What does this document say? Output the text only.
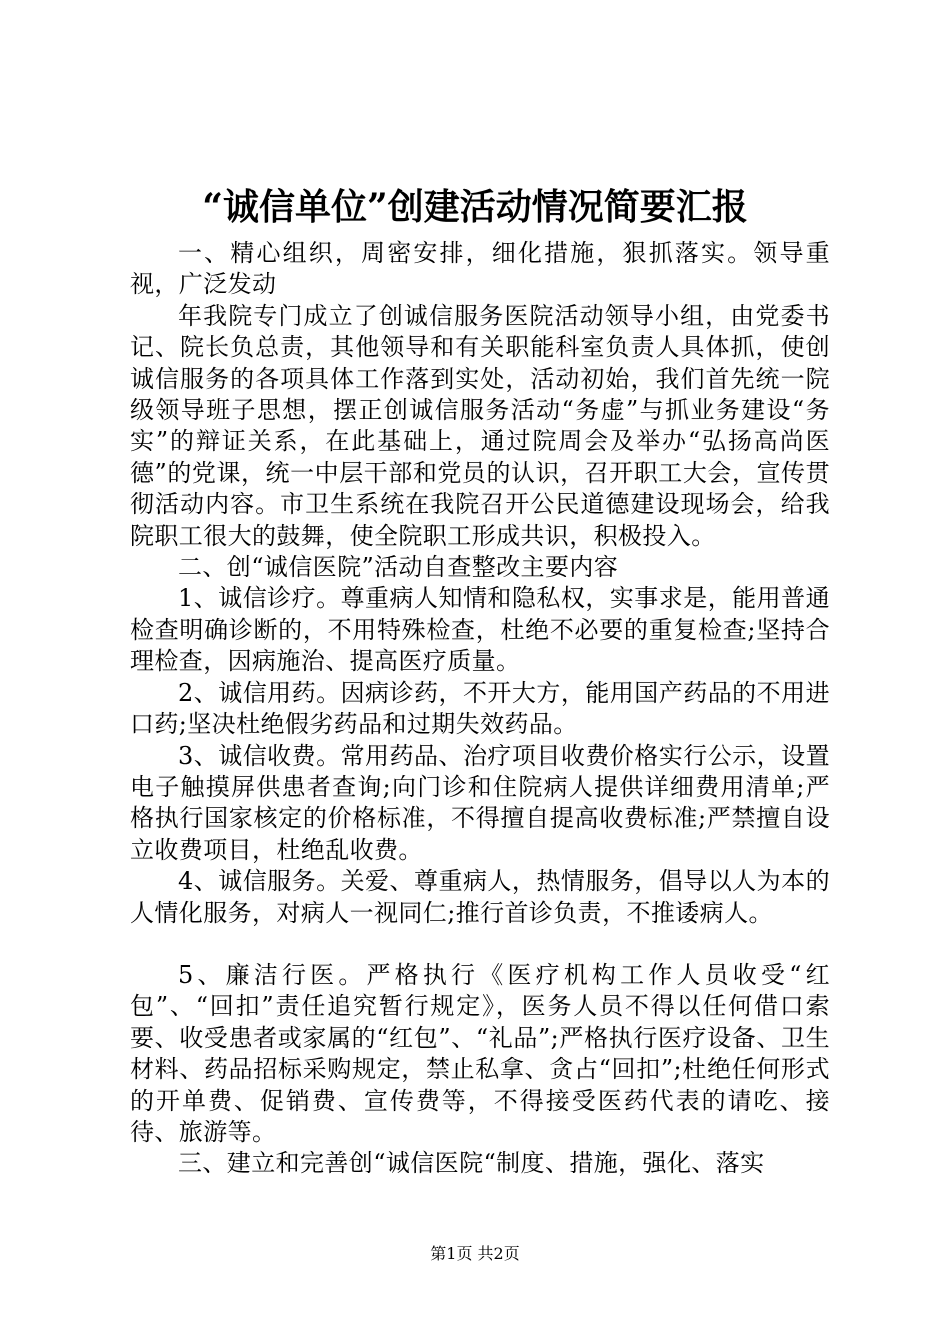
“诚信单位”创建活动情况简要汇报

一、精心组织，周密安排，细化措施，狠抓落实。领导重视，广泛发动

年我院专门成立了创诚信服务医院活动领导小组，由党委书记、院长负总责，其他领导和有关职能科室负责人具体抓，使创诚信服务的各项具体工作落到实处，活动初始，我们首先统一院级领导班子思想，摆正创诚信服务活动“务虚”与抓业务建设“务实”的辩证关系，在此基础上，通过院周会及举办“弘扬高尚医德”的党课，统一中层干部和党员的认识，召开职工大会，宣传贯彻活动内容。市卫生系统在我院召开公民道德建设现场会，给我院职工很大的鼓舞，使全院职工形成共识，积极投入。

二、创“诚信医院”活动自查整改主要内容

1、诚信诊疗。尊重病人知情和隐私权，实事求是，能用普通检查明确诊断的，不用特殊检查，杜绝不必要的重复检查;坚持合理检查，因病施治、提高医疗质量。

2、诚信用药。因病诊药，不开大方，能用国产药品的不用进口药;坚决杜绝假劣药品和过期失效药品。

3、诚信收费。常用药品、治疗项目收费价格实行公示，设置电子触摸屏供患者查询;向门诊和住院病人提供详细费用清单;严格执行国家核定的价格标准，不得擅自提高收费标准;严禁擅自设立收费项目，杜绝乱收费。

4、诚信服务。关爱、尊重病人，热情服务，倡导以人为本的人情化服务，对病人一视同仁;推行首诊负责，不推诿病人。

5、廉洁行医。严格执行《医疗机构工作人员收受“红包”、“回扣”责任追究暂行规定》，医务人员不得以任何借口索要、收受患者或家属的“红包”、“礼品”;严格执行医疗设备、卫生材料、药品招标采购规定，禁止私拿、贪占“回扣”;杜绝任何形式的开单费、促销费、宣传费等，不得接受医药代表的请吃、接待、旅游等。

三、建立和完善创“诚信医院“制度、措施，强化、落实

第1页 共2页
